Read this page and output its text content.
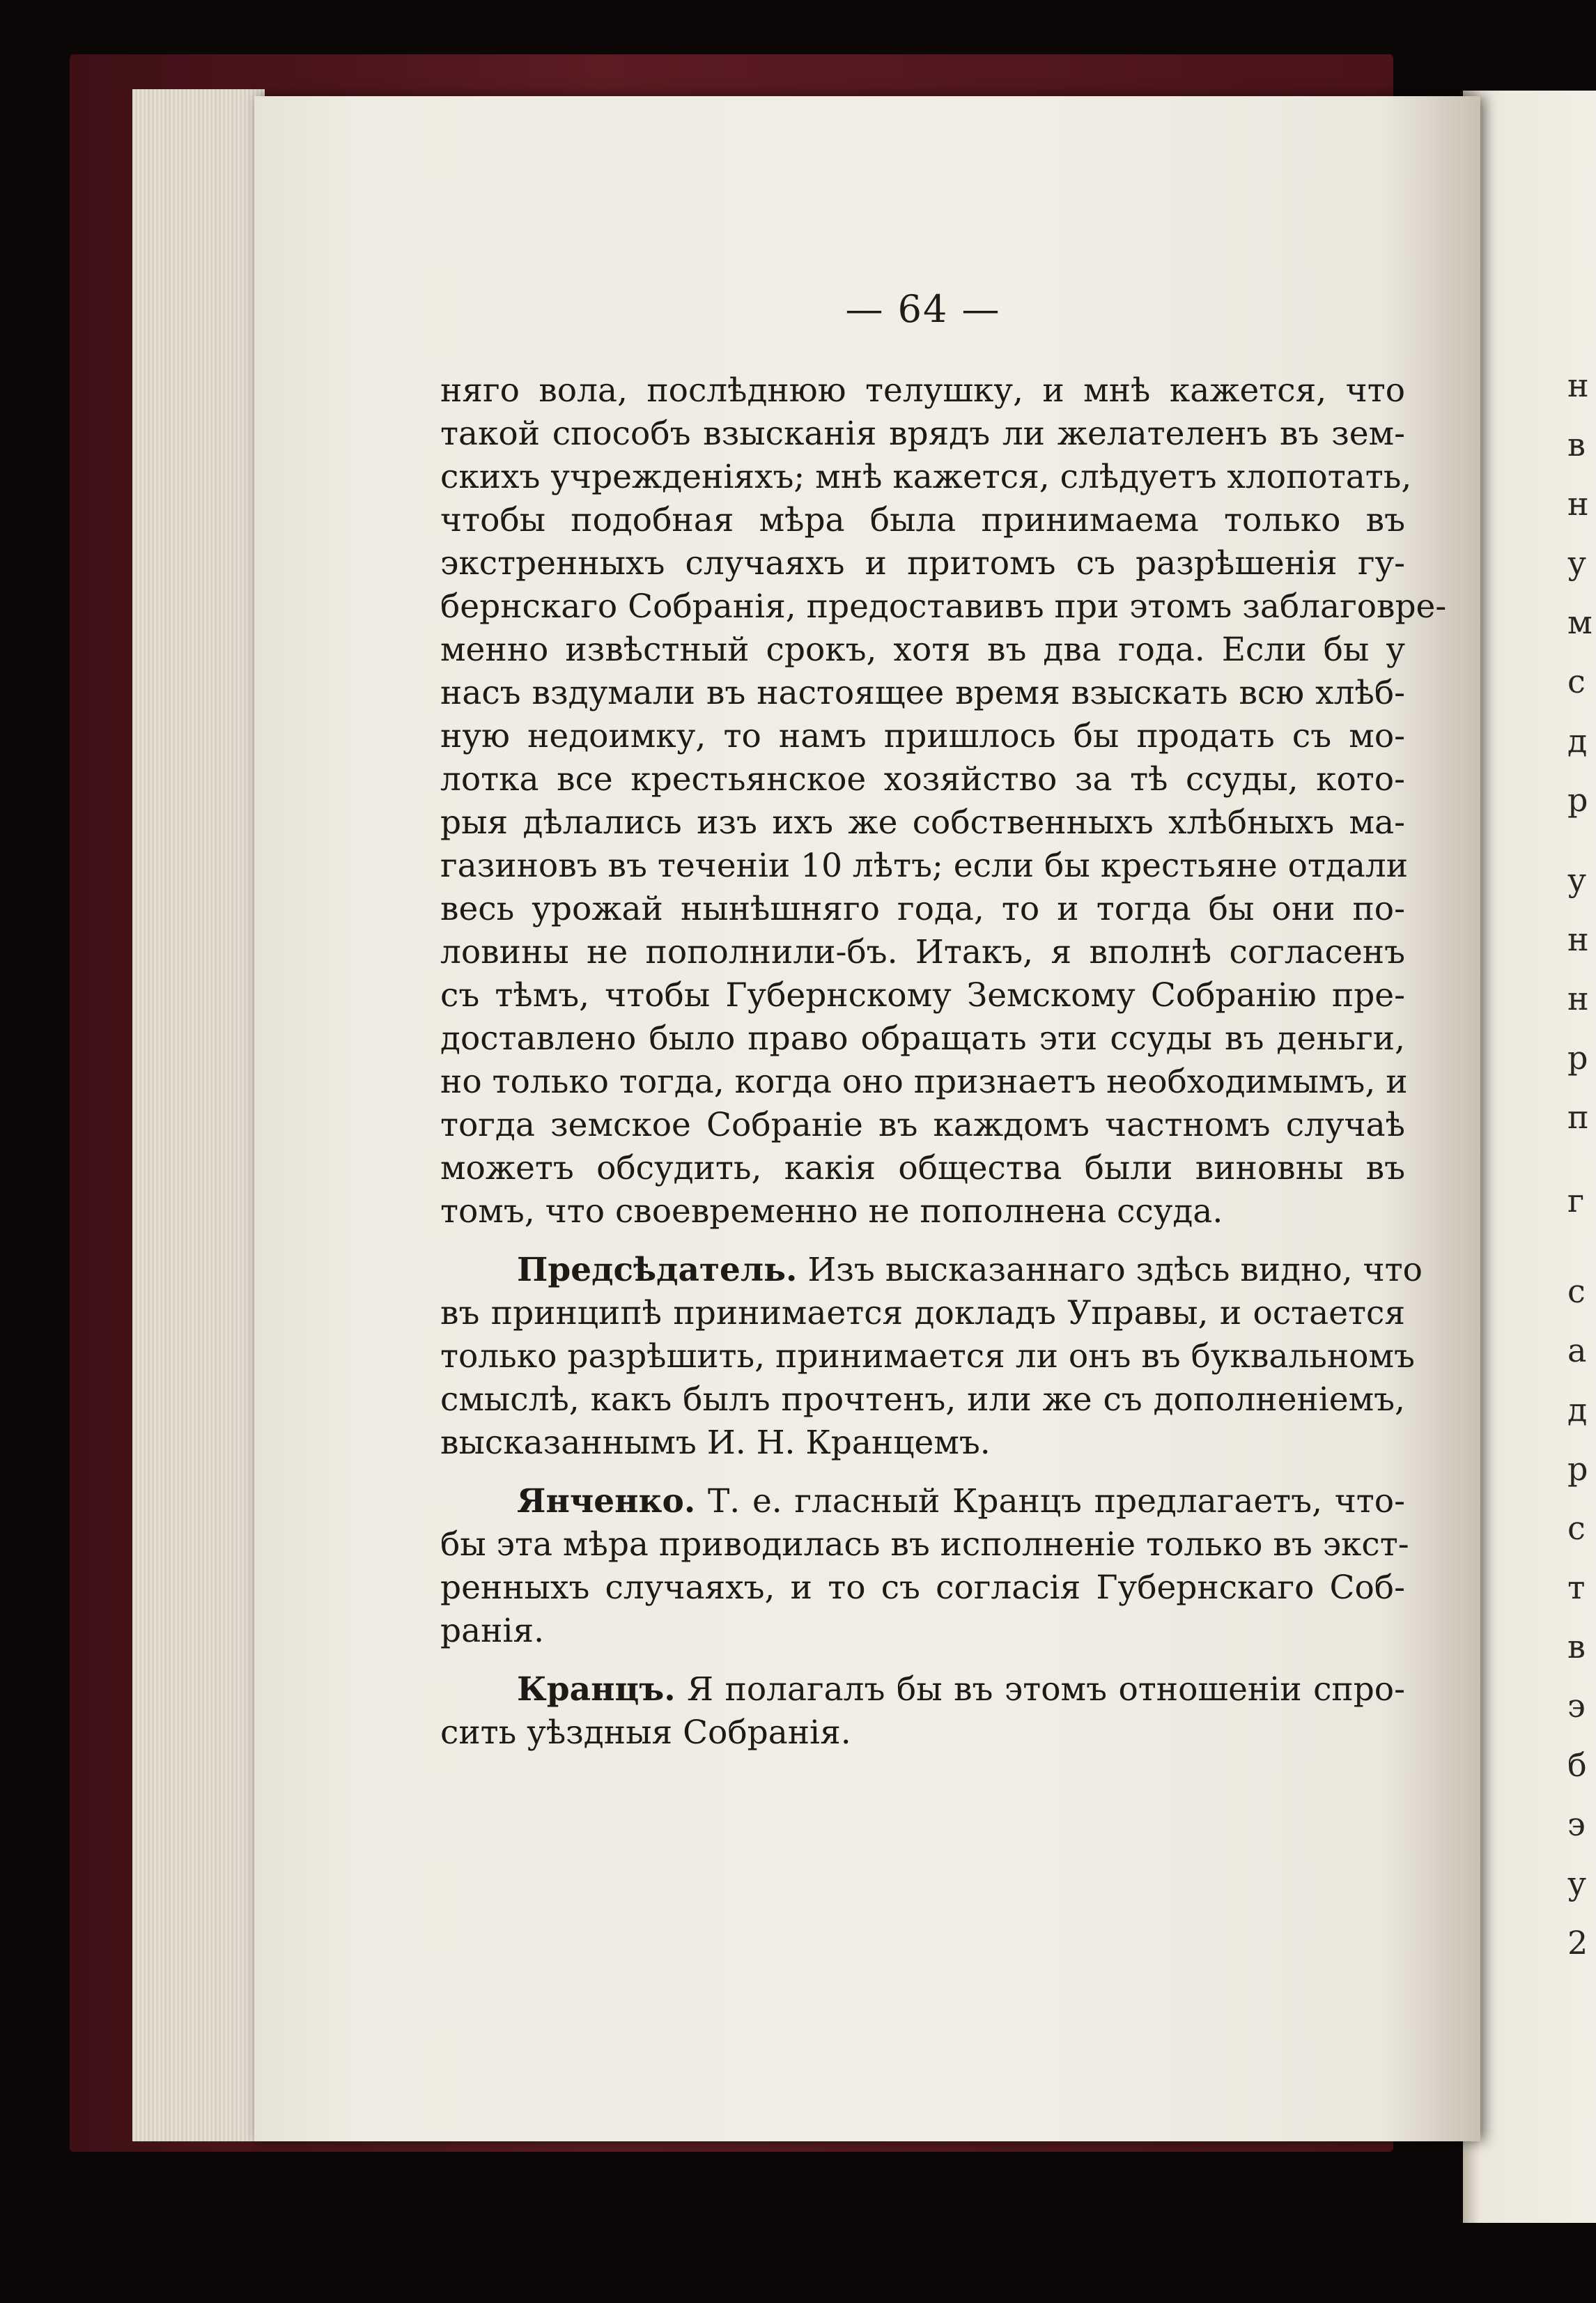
н
в
н
у
м
с
д
р
у
н
н
р
п
г
с
а
д
р
с
т
в
э
б
э
у
2
— 64 —
няго вола, послѣднюю телушку, и мнѣ кажется, что
такой способъ взысканія врядъ ли желателенъ въ зем-
скихъ учрежденіяхъ; мнѣ кажется, слѣдуетъ хлопотать,
чтобы подобная мѣра была принимаема только въ
экстренныхъ случаяхъ и притомъ съ разрѣшенія гу-
бернскаго Собранія, предоставивъ при этомъ заблаговре-
менно извѣстный срокъ, хотя въ два года. Если бы у
насъ вздумали въ настоящее время взыскать всю хлѣб-
ную недоимку, то намъ пришлось бы продать съ мо-
лотка все крестьянское хозяйство за тѣ ссуды, кото-
рыя дѣлались изъ ихъ же собственныхъ хлѣбныхъ ма-
газиновъ въ теченіи 10 лѣтъ; если бы крестьяне отдали
весь урожай нынѣшняго года, то и тогда бы они по-
ловины не пополнили-бъ. Итакъ, я вполнѣ согласенъ
съ тѣмъ, чтобы Губернскому Земскому Собранію пре-
доставлено было право обращать эти ссуды въ деньги,
но только тогда, когда оно признаетъ необходимымъ, и
тогда земское Собраніе въ каждомъ частномъ случаѣ
можетъ обсудить, какія общества были виновны въ
томъ, что своевременно не пополнена ссуда.
Предсѣдатель. Изъ высказаннаго здѣсь видно, что
въ принципѣ принимается докладъ Управы, и остается
только разрѣшить, принимается ли онъ въ буквальномъ
смыслѣ, какъ былъ прочтенъ, или же съ дополненіемъ,
высказаннымъ И. Н. Кранцемъ.
Янченко. Т. е. гласный Кранцъ предлагаетъ, что-
бы эта мѣра приводилась въ исполненіе только въ экст-
ренныхъ случаяхъ, и то съ согласія Губернскаго Соб-
ранія.
Кранцъ. Я полагалъ бы въ этомъ отношеніи спро-
сить уѣздныя Собранія.
